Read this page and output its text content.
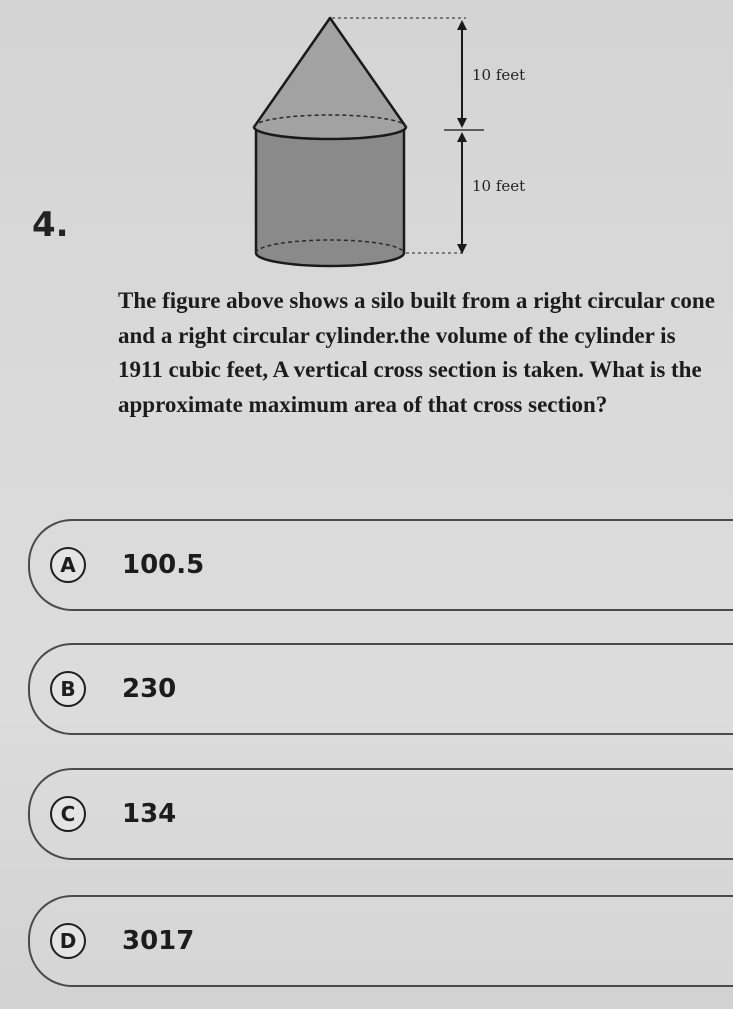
4.
10 feet
10 feet
The figure above shows a silo built from a right circular cone and a right circular cylinder.the volume of the cylinder is 1911 cubic feet, A vertical cross section is taken. What is the approximate maximum area of that cross section?
A	100.5
B	230
C	134
D	3017
